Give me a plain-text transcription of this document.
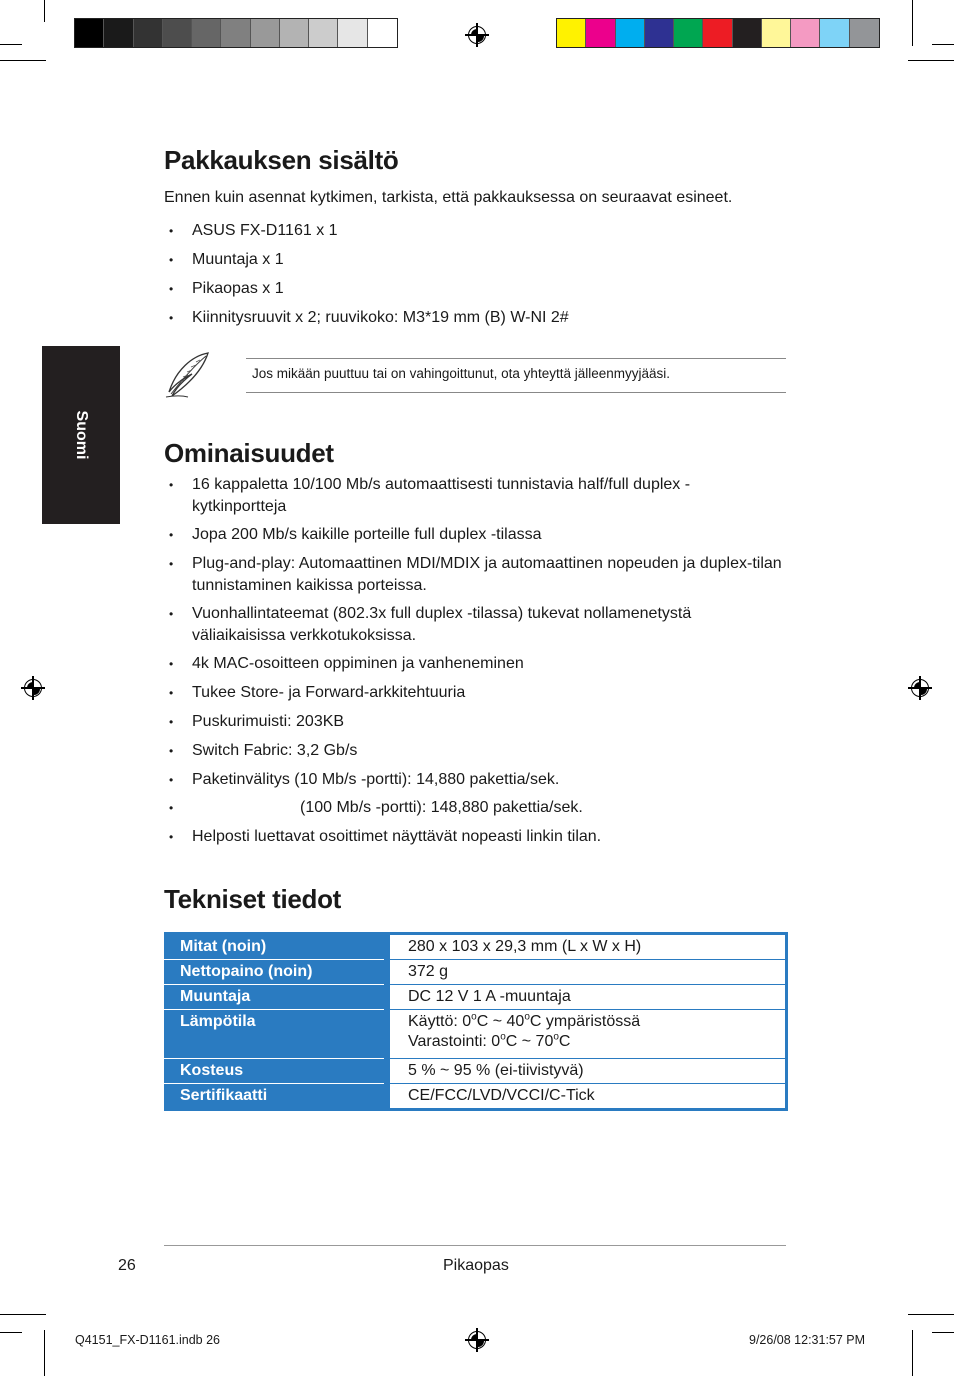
Suomi
Pakkauksen sisältö
Ennen kuin asennat kytkimen, tarkista, että pakkauksessa on seuraavat esineet.
• ASUS FX-D1161 x 1
• Muuntaja x 1
• Pikaopas x 1
• Kiinnitysruuvit x 2; ruuvikoko: M3*19 mm (B) W-NI 2#
Jos mikään puuttuu tai on vahingoittunut, ota yhteyttä jälleenmyyjääsi.
Ominaisuudet
• 16 kappaletta 10/100 Mb/s automaattisesti tunnistavia half/full duplex -kytkinportteja
• Jopa 200 Mb/s kaikille porteille full duplex -tilassa
• Plug-and-play: Automaattinen MDI/MDIX ja automaattinen nopeuden ja duplex-tilan tunnistaminen kaikissa porteissa.
• Vuonhallintateemat (802.3x full duplex -tilassa) tukevat nollamenetystä väliaikaisissa verkkotukoksissa.
• 4k MAC-osoitteen oppiminen ja vanheneminen
• Tukee Store- ja Forward-arkkitehtuuria
• Puskurimuisti: 203KB
• Switch Fabric: 3,2 Gb/s
• Paketinvälitys (10 Mb/s -portti): 14,880 pakettia/sek.
• (100 Mb/s -portti): 148,880 pakettia/sek.
• Helposti luettavat osoittimet näyttävät nopeasti linkin tilan.
Tekniset tiedot
Mitat (noin)	280 x 103 x 29,3 mm (L x W x H)
Nettopaino (noin)	372 g
Muuntaja	DC 12 V 1 A -muuntaja
Lämpötila	Käyttö: 0$^o$C ~ 40$^o$C ympäristössä
Varastointi: 0$^o$C ~ 70$^o$C

Kosteus	5 % ~ 95 % (ei-tiivistyvä)
Sertifikaatti	CE/FCC/LVD/VCCI/C-Tick
26	Pikaopas
Q4151_FX-D1161.indb 26	9/26/08 12:31:57 PM
